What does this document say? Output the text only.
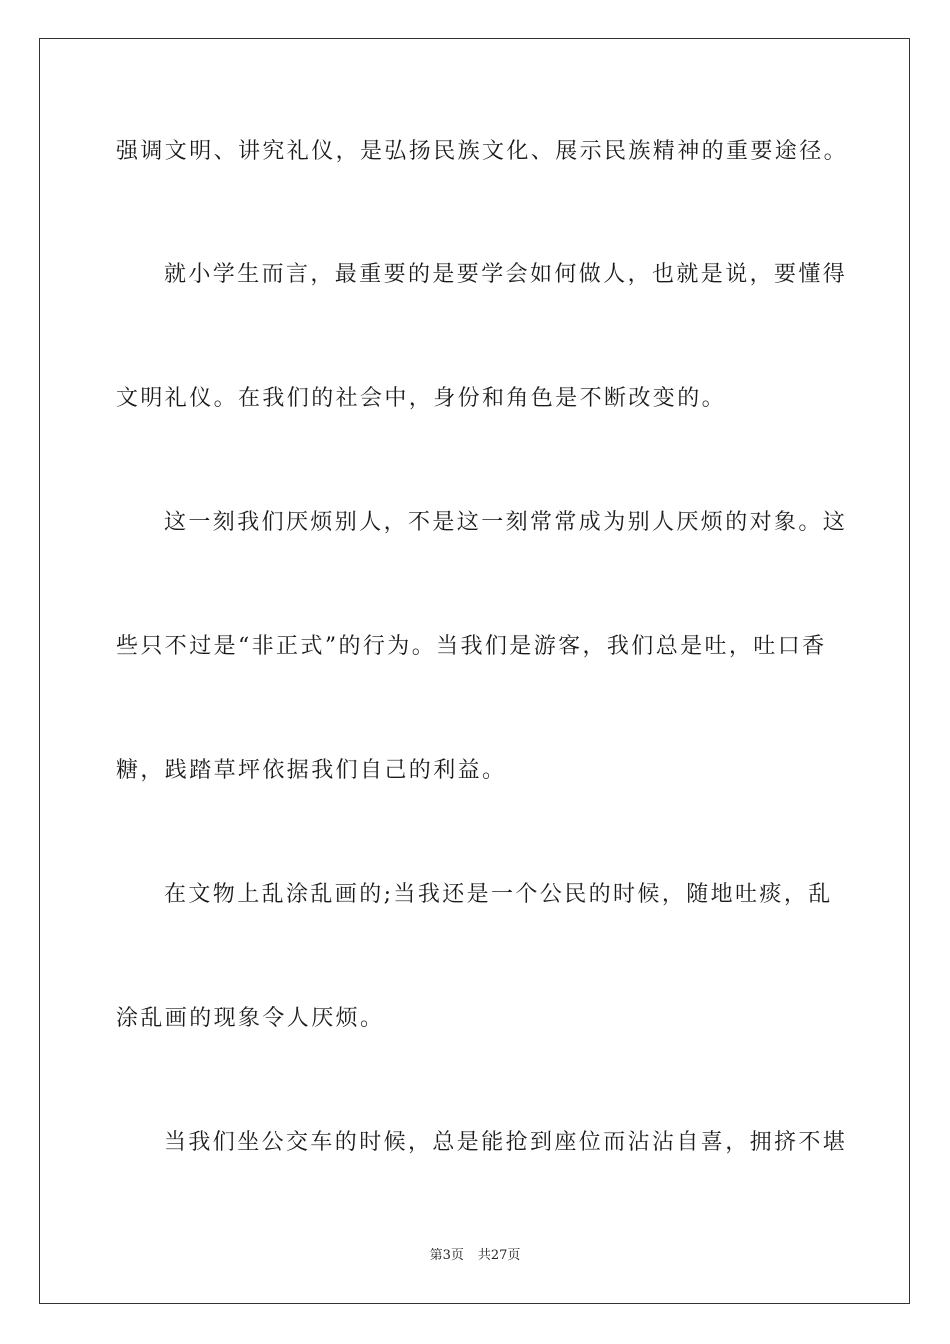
强调文明、讲究礼仪，是弘扬民族文化、展示民族精神的重要途径。
就小学生而言，最重要的是要学会如何做人，也就是说，要懂得
文明礼仪。在我们的社会中，身份和角色是不断改变的。
这一刻我们厌烦别人，不是这一刻常常成为别人厌烦的对象。这
些只不过是“非正式”的行为。当我们是游客，我们总是吐，吐口香
糖，践踏草坪依据我们自己的利益。
在文物上乱涂乱画的;当我还是一个公民的时候，随地吐痰，乱
涂乱画的现象令人厌烦。
当我们坐公交车的时候，总是能抢到座位而沾沾自喜，拥挤不堪
第3页 共27页
